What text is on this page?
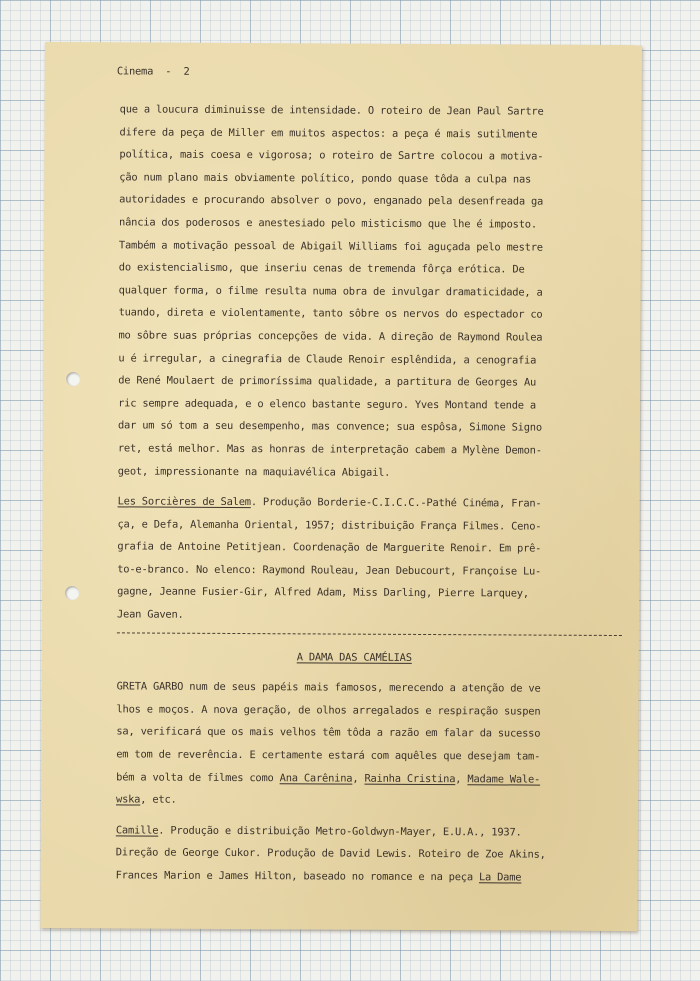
Cinema  -  2

que a loucura diminuisse de intensidade. O roteiro de Jean Paul Sartre

difere da peça de Miller em muitos aspectos: a peça é mais sutilmente

política, mais coesa e vigorosa; o roteiro de Sartre colocou a motiva-

ção num plano mais obviamente político, pondo quase tôda a culpa nas

autoridades e procurando absolver o povo, enganado pela desenfreada ga

nância dos poderosos e anestesiado pelo misticismo que lhe é imposto.

Também a motivação pessoal de Abigail Williams foi aguçada pelo mestre

do existencialismo, que inseriu cenas de tremenda fôrça erótica. De

qualquer forma, o filme resulta numa obra de invulgar dramaticidade, a

tuando, direta e violentamente, tanto sôbre os nervos do espectador co

mo sôbre suas próprias concepções de vida. A direção de Raymond Roulea

u é irregular, a cinegrafia de Claude Renoir esplêndida, a cenografia

de René Moulaert de primoríssima qualidade, a partitura de Georges Au

ric sempre adequada, e o elenco bastante seguro. Yves Montand tende a

dar um só tom a seu desempenho, mas convence; sua espôsa, Simone Signo

ret, está melhor. Mas as honras de interpretação cabem a Mylène Demon-

geot, impressionante na maquiavélica Abigail.

Les Sorcières de Salem. Produção Borderie-C.I.C.C.-Pathé Cinéma, Fran-

ça, e Defa, Alemanha Oriental, 1957; distribuição França Filmes. Ceno-

grafia de Antoine Petitjean. Coordenação de Marguerite Renoir. Em prê-

to-e-branco. No elenco: Raymond Rouleau, Jean Debucourt, Françoise Lu-

gagne, Jeanne Fusier-Gir, Alfred Adam, Miss Darling, Pierre Larquey,

Jean Gaven.

A DAMA DAS CAMÉLIAS

GRETA GARBO num de seus papéis mais famosos, merecendo a atenção de ve

lhos e moços. A nova geração, de olhos arregalados e respiração suspen

sa, verificará que os mais velhos têm tôda a razão em falar da sucesso

em tom de reverência. E certamente estará com aquêles que desejam tam-

bém a volta de filmes como Ana Carênina, Rainha Cristina, Madame Wale-

wska, etc.

Camille. Produção e distribuição Metro-Goldwyn-Mayer, E.U.A., 1937.

Direção de George Cukor. Produção de David Lewis. Roteiro de Zoe Akins,

Frances Marion e James Hilton, baseado no romance e na peça La Dame
